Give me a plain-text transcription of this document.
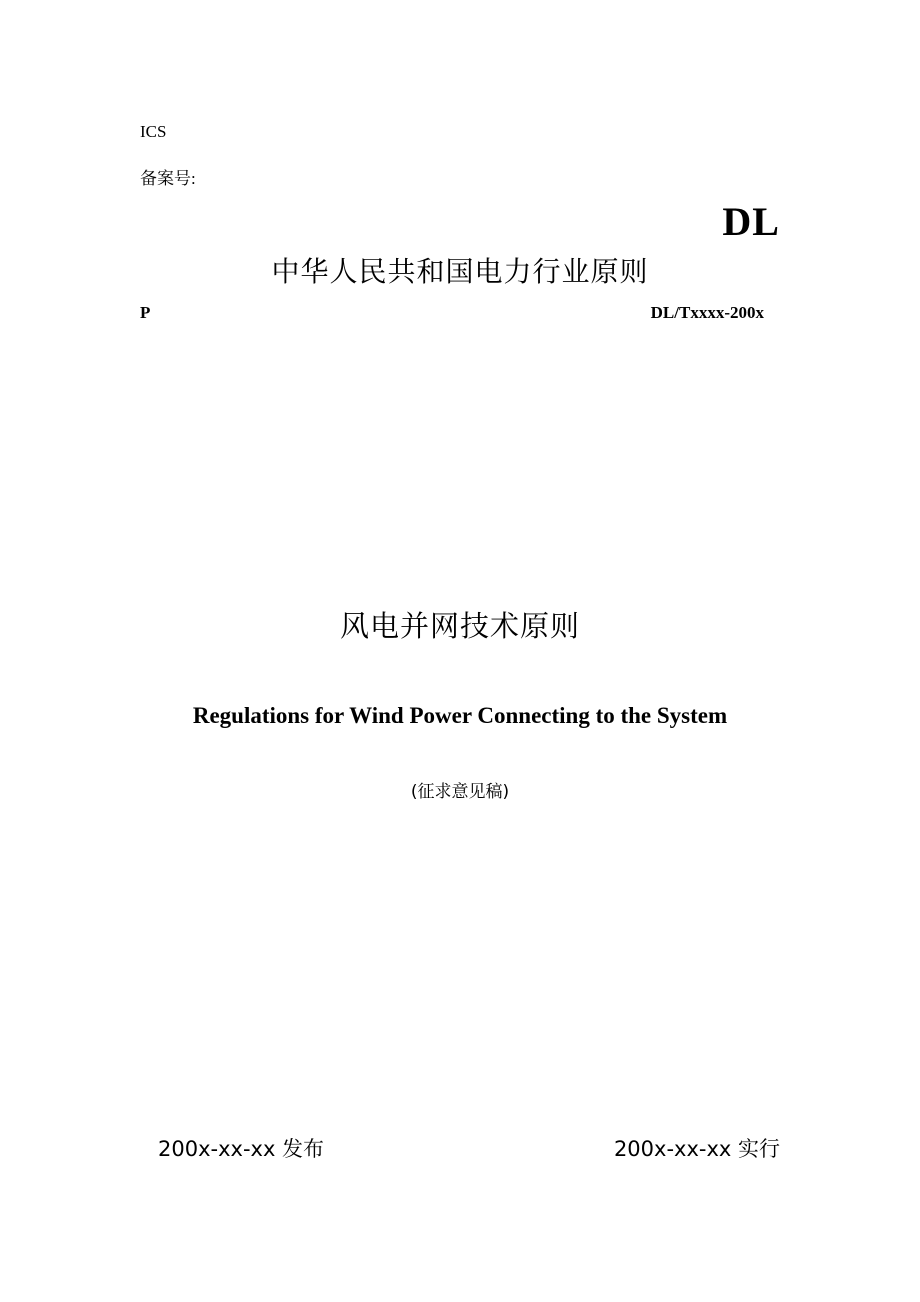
ICS
备案号:
DL
中华人民共和国电力行业原则
P	DL/Txxxx-200x
风电并网技术原则
Regulations for Wind Power Connecting to the System
(征求意见稿)
200x-xx-xx 发布	200x-xx-xx 实行
